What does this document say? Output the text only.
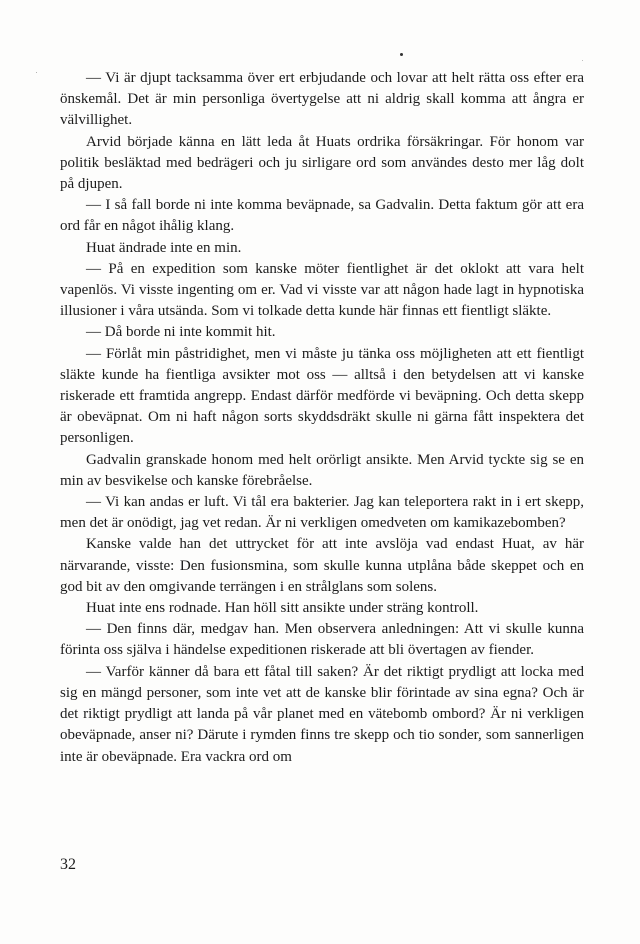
— Vi är djupt tacksamma över ert erbjudande och lovar att helt rätta oss efter era önskemål. Det är min personliga övertygelse att ni aldrig skall komma att ångra er välvillighet.

Arvid började känna en lätt leda åt Huats ordrika försäkringar. För honom var politik besläktad med bedrägeri och ju sirligare ord som användes desto mer låg dolt på djupen.

— I så fall borde ni inte komma beväpnade, sa Gadvalin. Detta faktum gör att era ord får en något ihålig klang.

Huat ändrade inte en min.

— På en expedition som kanske möter fientlighet är det oklokt att vara helt vapenlös. Vi visste ingenting om er. Vad vi visste var att någon hade lagt in hypnotiska illusioner i våra utsända. Som vi tolkade detta kunde här finnas ett fientligt släkte.

— Då borde ni inte kommit hit.

— Förlåt min påstridighet, men vi måste ju tänka oss möjligheten att ett fientligt släkte kunde ha fientliga avsikter mot oss — alltså i den betydelsen att vi kanske riskerade ett framtida angrepp. Endast därför medförde vi beväpning. Och detta skepp är obeväpnat. Om ni haft någon sorts skyddsdräkt skulle ni gärna fått inspektera det personligen.

Gadvalin granskade honom med helt orörligt ansikte. Men Arvid tyckte sig se en min av besvikelse och kanske förebråelse.

— Vi kan andas er luft. Vi tål era bakterier. Jag kan teleportera rakt in i ert skepp, men det är onödigt, jag vet redan. Är ni verkligen omedveten om kamikazebomben?

Kanske valde han det uttrycket för att inte avslöja vad endast Huat, av här närvarande, visste: Den fusionsmina, som skulle kunna utplåna både skeppet och en god bit av den omgivande terrängen i en strålglans som solens.

Huat inte ens rodnade. Han höll sitt ansikte under sträng kontroll.

— Den finns där, medgav han. Men observera anledningen: Att vi skulle kunna förinta oss själva i händelse expeditionen riskerade att bli övertagen av fiender.

— Varför känner då bara ett fåtal till saken? Är det riktigt prydligt att locka med sig en mängd personer, som inte vet att de kanske blir förintade av sina egna? Och är det riktigt prydligt att landa på vår planet med en vätebomb ombord? Är ni verkligen obeväpnade, anser ni? Därute i rymden finns tre skepp och tio sonder, som sannerligen inte är obeväpnade. Era vackra ord om

32
